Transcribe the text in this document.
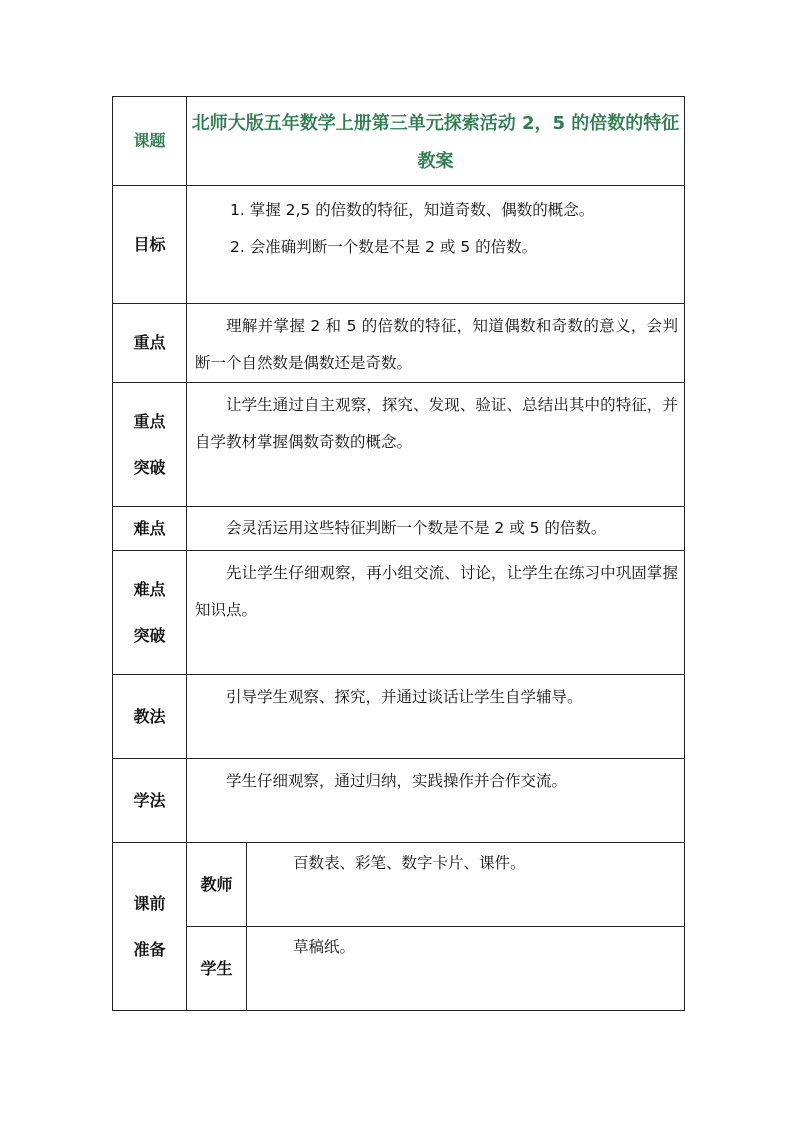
课题	北师大版五年数学上册第三单元探索活动 2，5 的倍数的特征教案	
目标	1. 掌握 2,5 的倍数的特征，知道奇数、偶数的概念。

2. 会准确判断一个数是不是 2 或 5 的倍数。	

重点	理解并掌握 2 和 5 的倍数的特征，知道偶数和奇数的意义，会判断一个自然数是偶数还是奇数。	

重点
突破	让学生通过自主观察，探究、发现、验证、总结出其中的特征，并自学教材掌握偶数奇数的概念。	

难点	会灵活运用这些特征判断一个数是不是 2 或 5 的倍数。	

难点
突破	先让学生仔细观察，再小组交流、讨论，让学生在练习中巩固掌握知识点。	

教法	引导学生观察、探究，并通过谈话让学生自学辅导。	

学法	学生仔细观察，通过归纳，实践操作并合作交流。	

课前
准备	教师	百数表、彩笔、数字卡片、课件。
	学生	草稿纸。
